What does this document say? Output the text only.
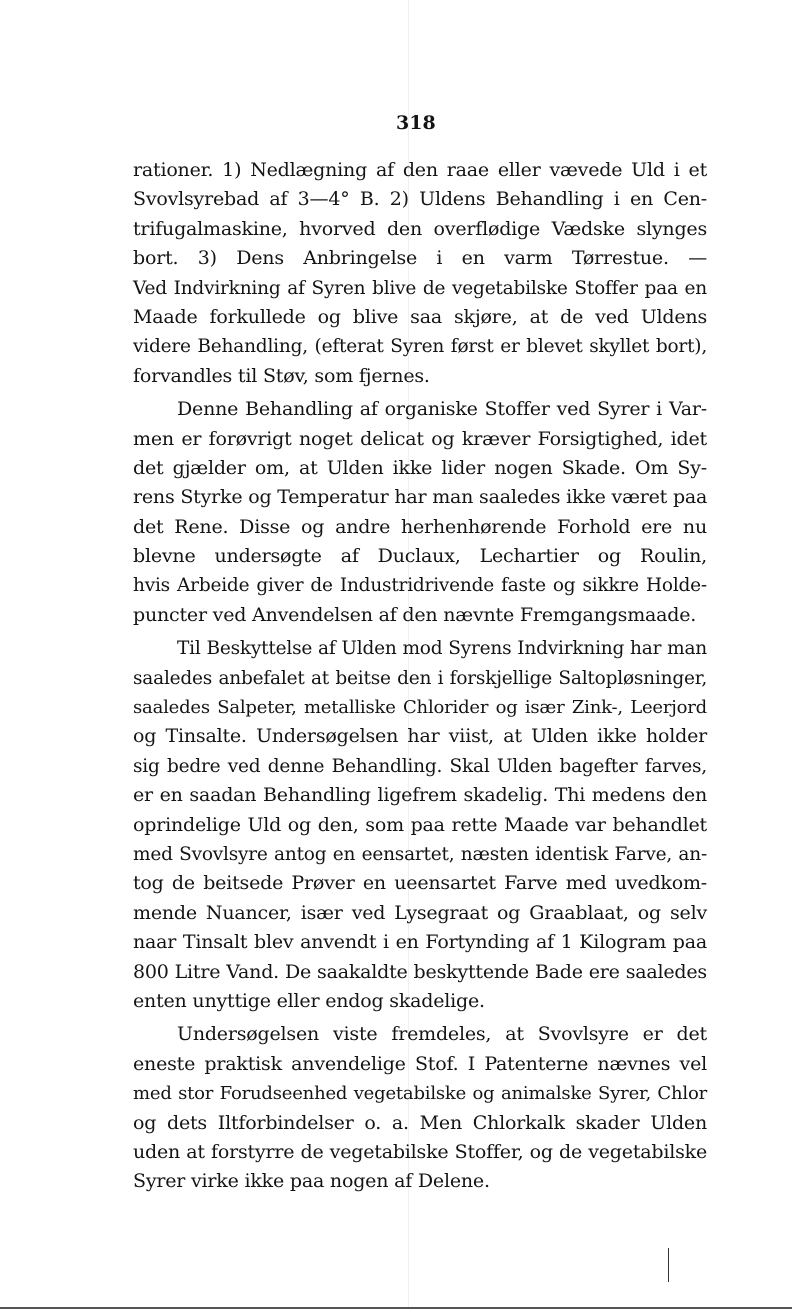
318
rationer. 1) Nedlægning af den raae eller vævede Uld i et
Svovlsyrebad af 3—4° B. 2) Uldens Behandling i en Cen-
trifugalmaskine, hvorved den overflødige Vædske slynges
bort. 3) Dens Anbringelse i en varm Tørrestue. —
Ved Indvirkning af Syren blive de vegetabilske Stoffer paa en
Maade forkullede og blive saa skjøre, at de ved Uldens
videre Behandling, (efterat Syren først er blevet skyllet bort),
forvandles til Støv, som fjernes.
Denne Behandling af organiske Stoffer ved Syrer i Var-
men er forøvrigt noget delicat og kræver Forsigtighed, idet
det gjælder om, at Ulden ikke lider nogen Skade. Om Sy-
rens Styrke og Temperatur har man saaledes ikke været paa
det Rene. Disse og andre herhenhørende Forhold ere nu
blevne undersøgte af Duclaux, Lechartier og Roulin,
hvis Arbeide giver de Industridrivende faste og sikkre Holde-
puncter ved Anvendelsen af den nævnte Fremgangsmaade.
Til Beskyttelse af Ulden mod Syrens Indvirkning har man
saaledes anbefalet at beitse den i forskjellige Saltopløsninger,
saaledes Salpeter, metalliske Chlorider og især Zink-, Leerjord
og Tinsalte. Undersøgelsen har viist, at Ulden ikke holder
sig bedre ved denne Behandling. Skal Ulden bagefter farves,
er en saadan Behandling ligefrem skadelig. Thi medens den
oprindelige Uld og den, som paa rette Maade var behandlet
med Svovlsyre antog en eensartet, næsten identisk Farve, an-
tog de beitsede Prøver en ueensartet Farve med uvedkom-
mende Nuancer, især ved Lysegraat og Graablaat, og selv
naar Tinsalt blev anvendt i en Fortynding af 1 Kilogram paa
800 Litre Vand. De saakaldte beskyttende Bade ere saaledes
enten unyttige eller endog skadelige.
Undersøgelsen viste fremdeles, at Svovlsyre er det
eneste praktisk anvendelige Stof. I Patenterne nævnes vel
med stor Forudseenhed vegetabilske og animalske Syrer, Chlor
og dets Iltforbindelser o. a. Men Chlorkalk skader Ulden
uden at forstyrre de vegetabilske Stoffer, og de vegetabilske
Syrer virke ikke paa nogen af Delene.
